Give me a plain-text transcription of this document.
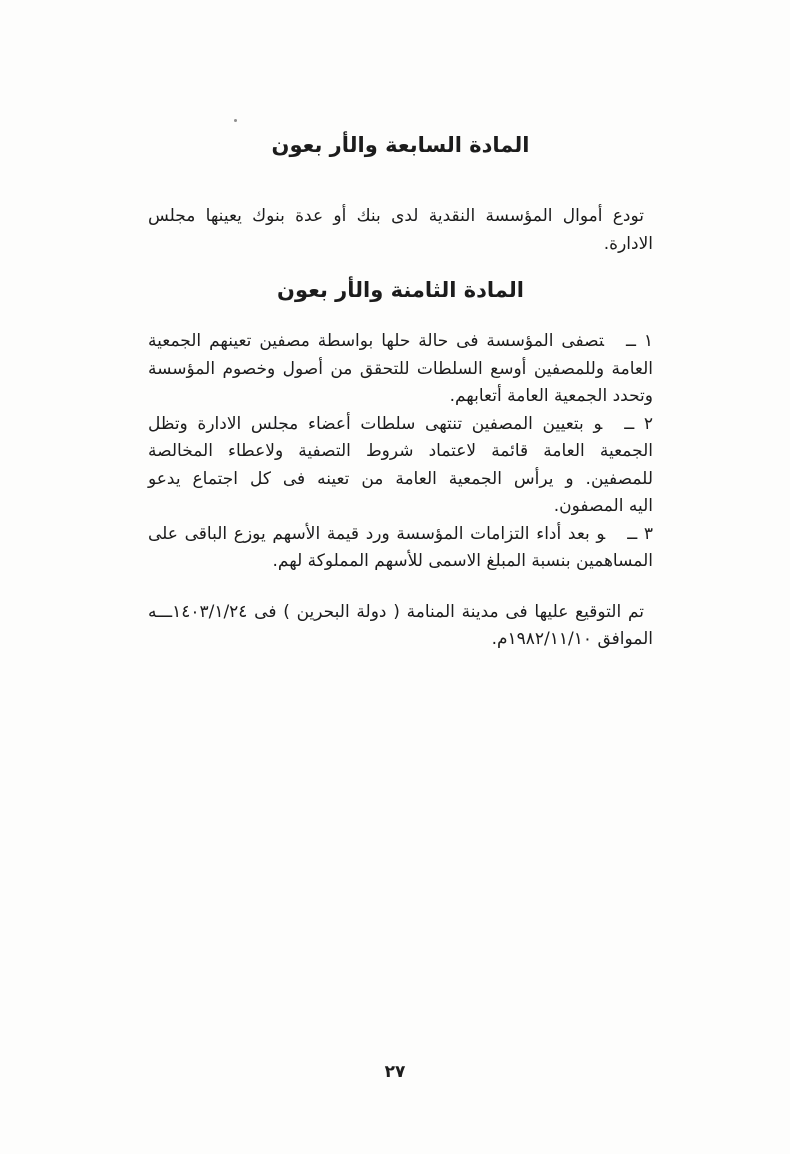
المادة السابعة والأر بعون
تودع أموال المؤسسة النقدية لدى بنك أو عدة بنوك يعينها مجلس
الادارة.
المادة الثامنة والأر بعون
١ ــتصفى المؤسسة فى حالة حلها بواسطة مصفين تعينهم الجمعية
العامة وللمصفين أوسع السلطات للتحقق من أصول وخصوم المؤسسة
وتحدد الجمعية العامة أتعابهم.
٢ ــو بتعيين المصفين تنتهى سلطات أعضاء مجلس الادارة وتظل
الجمعية العامة قائمة لاعتماد شروط التصفية ولاعطاء المخالصة
للمصفين. و يرأس الجمعية العامة من تعينه فى كل اجتماع يدعو
اليه المصفون.
٣ ــو بعد أداء التزامات المؤسسة ورد قيمة الأسهم يوزع الباقى على
المساهمين بنسبة المبلغ الاسمى للأسهم المملوكة لهم.
تم التوقيع عليها فى مدينة المنامة ( دولة البحرين ) فى ١٤٠٣/١/٢٤ـــه
الموافق ١٩٨٢/١١/١٠م.
٢٧
